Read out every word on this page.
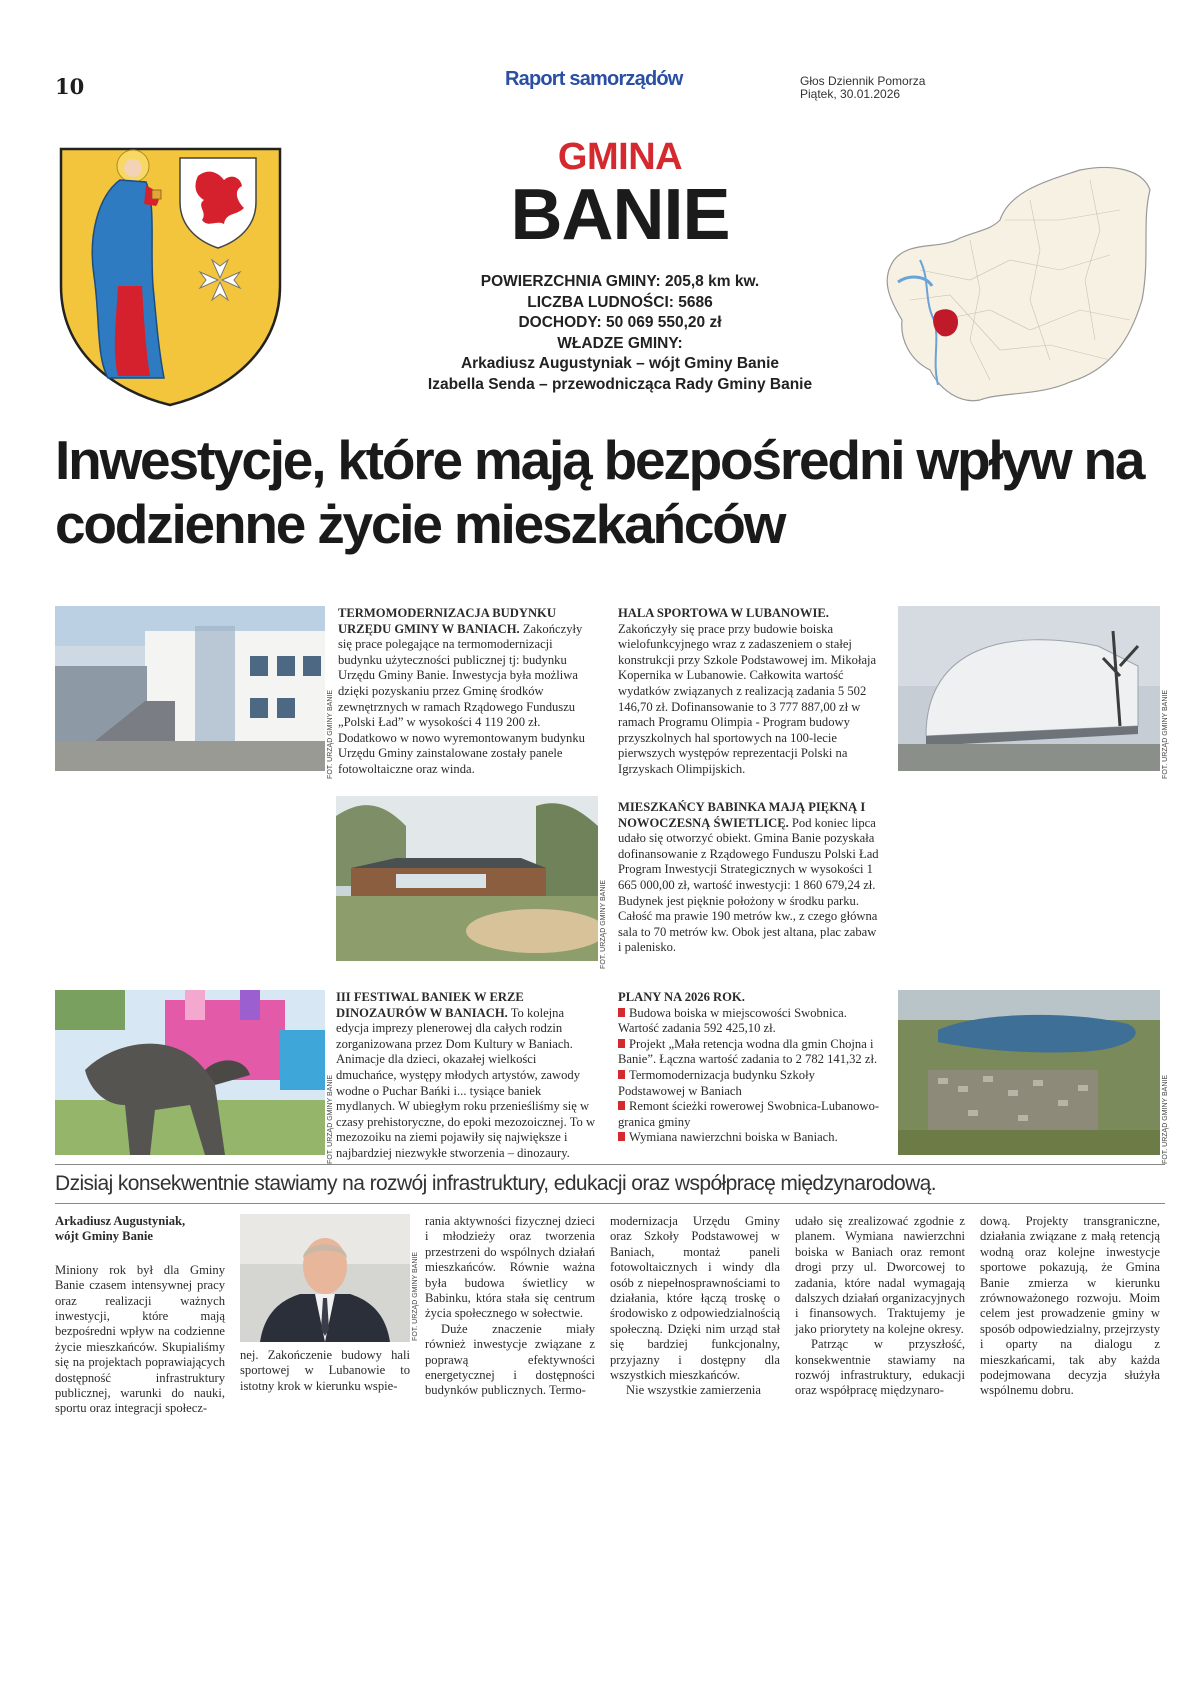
10	Raport samorządów	Głos Dziennik Pomorza
Piątek, 30.01.2026
GMINA
BANIE
POWIERZCHNIA GMINY: 205,8 km kw.
LICZBA LUDNOŚCI: 5686
DOCHODY: 50 069 550,20 zł
WŁADZE GMINY:
Arkadiusz Augustyniak – wójt Gminy Banie
Izabella Senda – przewodnicząca Rady Gminy Banie
Inwestycje, które mają bezpośredni wpływ na codzienne życie mieszkańców
FOT. URZĄD GMINY BANIE
TERMOMODERNIZACJA BUDYNKU URZĘDU GMINY W BANIACH. Zakończyły się prace polegające na termomodernizacji budynku użyteczności publicznej tj: budynku Urzędu Gminy Banie. Inwestycja była możliwa dzięki pozyskaniu przez Gminę środków zewnętrznych w ramach Rządowego Funduszu „Polski Ład” w wysokości 4 119 200 zł. Dodatkowo w nowo wyremontowanym budynku Urzędu Gminy zainstalowane zostały panele fotowoltaiczne oraz winda.
HALA SPORTOWA W LUBANOWIE. Zakończyły się prace przy budowie boiska wielofunkcyjnego wraz z zadaszeniem o stałej konstrukcji przy Szkole Podstawowej im. Mikołaja Kopernika w Lubanowie. Całkowita wartość wydatków związanych z realizacją zadania 5 502 146,70 zł. Dofinansowanie to 3 777 887,00 zł w ramach Programu Olimpia - Program budowy przyszkolnych hal sportowych na 100-lecie pierwszych występów reprezentacji Polski na Igrzyskach Olimpijskich.	FOT. URZĄD GMINY BANIE
FOT. URZĄD GMINY BANIE
MIESZKAŃCY BABINKA MAJĄ PIĘKNĄ I NOWOCZESNĄ ŚWIETLICĘ. Pod koniec lipca udało się otworzyć obiekt. Gmina Banie pozyskała dofinansowanie z Rządowego Funduszu Polski Ład Program Inwestycji Strategicznych w wysokości 1 665 000,00 zł, wartość inwestycji: 1 860 679,24 zł. Budynek jest pięknie położony w środku parku. Całość ma prawie 190 metrów kw., z czego główna sala to 70 metrów kw. Obok jest altana, plac zabaw i palenisko.
FOT. URZĄD GMINY BANIE
III FESTIWAL BANIEK W ERZE DINOZAURÓW W BANIACH. To kolejna edycja imprezy plenerowej dla całych rodzin zorganizowana przez Dom Kultury w Baniach. Animacje dla dzieci, okazałej wielkości dmuchańce, występy młodych artystów, zawody wodne o Puchar Bańki i... tysiące baniek mydlanych. W ubiegłym roku przenieśliśmy się w czasy prehistoryczne, do epoki mezozoicznej. To w mezozoiku na ziemi pojawiły się największe i najbardziej niezwykłe stworzenia – dinozaury.
PLANY NA 2026 ROK.
Budowa boiska w miejscowości Swobnica. Wartość zadania 592 425,10 zł.
Projekt „Mała retencja wodna dla gmin Chojna i Banie”. Łączna wartość zadania to 2 782 141,32 zł.
Termomodernizacja budynku Szkoły Podstawowej w Baniach
Remont ścieżki rowerowej Swobnica-Lubanowo- granica gminy
Wymiana nawierzchni boiska w Baniach.	FOT. URZĄD GMINY BANIE
Dzisiaj konsekwentnie stawiamy na rozwój infrastruktury, edukacji oraz współpracę międzynarodową.
Arkadiusz Augustyniak,
wójt Gminy Banie
Miniony rok był dla Gminy Banie czasem intensywnej pracy oraz realizacji ważnych inwestycji, które mają bezpośredni wpływ na codzienne życie mieszkańców. Skupialiśmy się na projektach poprawiających dostępność infrastruktury publicznej, warunki do nauki, sportu oraz integracji społecz-
FOT. URZĄD GMINY BANIE
nej. Zakończenie budowy hali sportowej w Lubanowie to istotny krok w kierunku wspie-
rania aktywności fizycznej dzieci i młodzieży oraz tworzenia przestrzeni do wspólnych działań mieszkańców. Równie ważna była budowa świetlicy w Babinku, która stała się centrum życia społecznego w sołectwie.
Duże znaczenie miały również inwestycje związane z poprawą efektywności energetycznej i dostępności budynków publicznych. Termo-
modernizacja Urzędu Gminy oraz Szkoły Podstawowej w Baniach, montaż paneli fotowoltaicznych i windy dla osób z niepełnosprawnościami to działania, które łączą troskę o środowisko z odpowiedzialnością społeczną. Dzięki nim urząd stał się bardziej funkcjonalny, przyjazny i dostępny dla wszystkich mieszkańców.
Nie wszystkie zamierzenia
udało się zrealizować zgodnie z planem. Wymiana nawierzchni boiska w Baniach oraz remont drogi przy ul. Dworcowej to zadania, które nadal wymagają dalszych działań organizacyjnych i finansowych. Traktujemy je jako priorytety na kolejne okresy.
Patrząc w przyszłość, konsekwentnie stawiamy na rozwój infrastruktury, edukacji oraz współpracę międzynaro-
dową. Projekty transgraniczne, działania związane z małą retencją wodną oraz kolejne inwestycje sportowe pokazują, że Gmina Banie zmierza w kierunku zrównoważonego rozwoju. Moim celem jest prowadzenie gminy w sposób odpowiedzialny, przejrzysty i oparty na dialogu z mieszkańcami, tak aby każda podejmowana decyzja służyła wspólnemu dobru.
